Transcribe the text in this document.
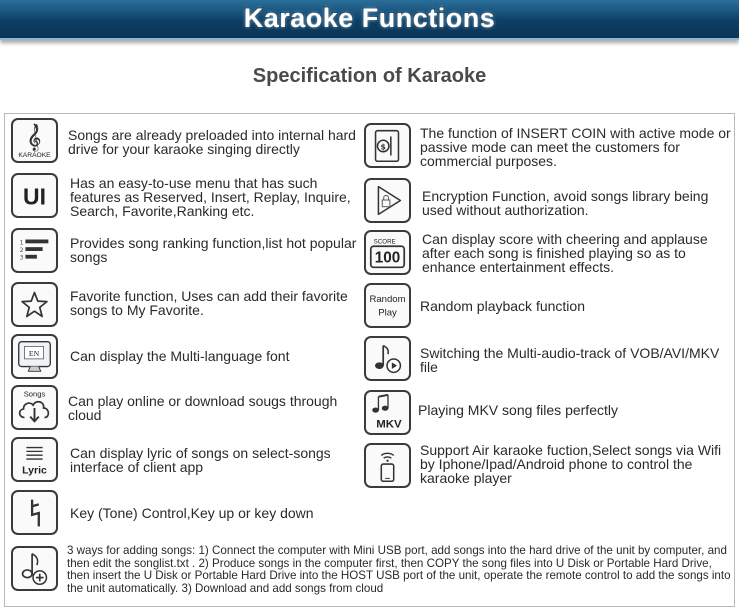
Karaoke Functions
Specification of Karaoke
𝄞
KARAOKE
Songs are already preloaded into internal hard drive for your karaoke singing directly
UI
Has an easy-to-use menu that has such features as Reserved, Insert, Replay, Inquire, Search, Favorite,Ranking etc.
1
2
3
Provides song ranking function,list hot popular songs
Favorite function, Uses can add their favorite songs to My Favorite.
EN Can display the Multi-language font
Songs Can play online or download sougs through cloud
Lyric
Can display lyric of songs on select-songs interface of client app
Key (Tone) Control,Key up or key down
$
The function of INSERT COIN with active mode or passive mode can meet the customers for commercial purposes.
Encryption Function, avoid songs library being used without authorization.
SCORE
100
Can display score with cheering and applause after each song is finished playing so as to enhance entertainment effects.
Random
Play Random playback function
Switching the Multi-audio-track of VOB/AVI/MKV file
MKV
Playing MKV song files perfectly
Support Air karaoke fuction,Select songs via Wifi by Iphone/Ipad/Android phone to control the karaoke player
3 ways for adding songs: 1) Connect the computer with Mini USB port, add songs into the hard drive of the unit by computer, and then edit the songlist.txt . 2) Produce songs in the computer first, then COPY the song files into U Disk or Portable Hard Drive, then insert the U Disk or Portable Hard Drive into the HOST USB port of the unit, operate the remote control to add the songs into the unit automatically. 3) Download and add songs from cloud
